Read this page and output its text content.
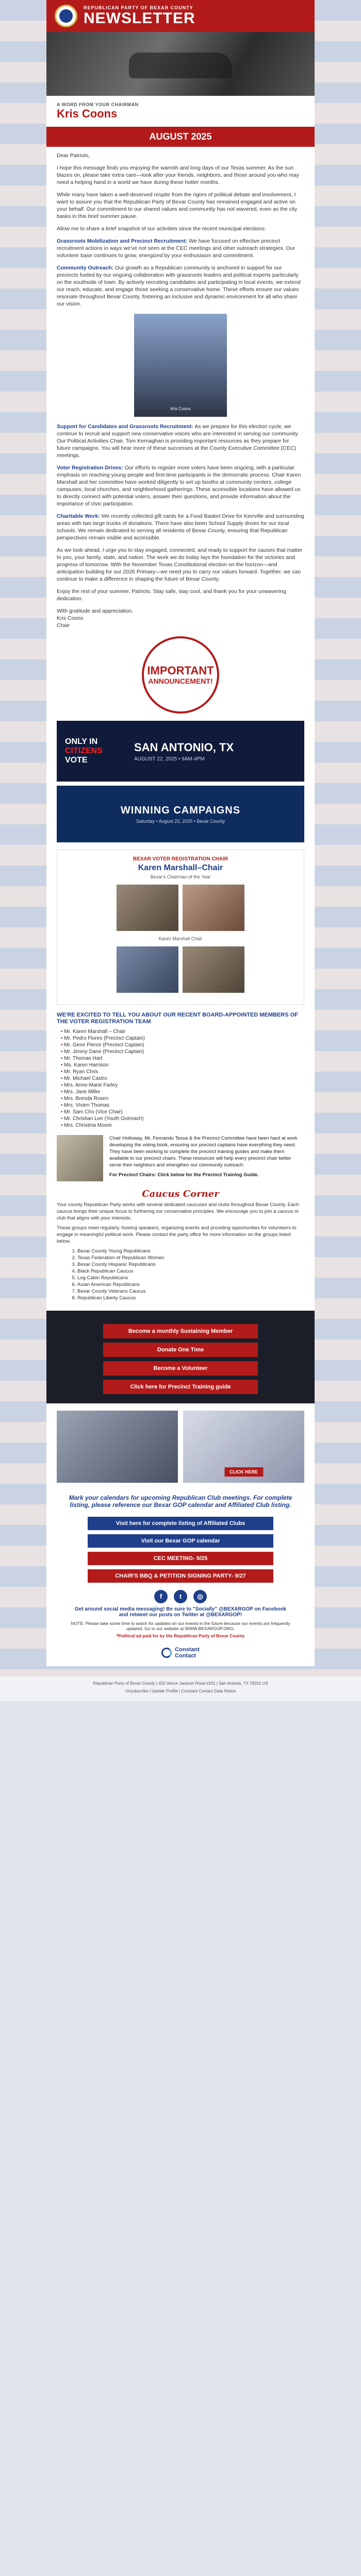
REPUBLICAN PARTY OF BEXAR COUNTY
NEWSLETTER
A WORD FROM YOUR CHAIRMAN
Kris Coons
AUGUST 2025

Dear Patriots,

I hope this message finds you enjoying the warmth and long days of our Texas summer. As the sun blazes on, please take extra care—look after your friends, neighbors, and those around you who may need a helping hand in a world we have during these hotter months.

While many have taken a well-deserved respite from the rigors of political debate and involvement, I want to assure you that the Republican Party of Bexar County has remained engaged and active on your behalf. Our commitment to our shared values and community has not wavered, even as the city basks in this brief summer pause.

Allow me to share a brief snapshot of our activities since the recent municipal elections:

Grassroots Mobilization and Precinct Recruitment: We have focused on effective precinct recruitment actions in ways we've not seen at the CEC meetings and other outreach strategies. Our volunteer base continues to grow, energized by your enthusiasm and commitment.

Community Outreach: Our growth as a Republican community is anchored in support for our precincts fueled by our ongoing collaboration with grassroots leaders and political experts particularly on the southside of town. By actively recruiting candidates and participating in local events, we extend our reach, educate, and engage those seeking a conservative home. These efforts ensure our values resonate throughout Bexar County, fostering an inclusive and dynamic environment for all who share our vision.

Kris Coons

Support for Candidates and Grassroots Recruitment: As we prepare for this election cycle, we continue to recruit and support new conservative voices who are interested in serving our community. Our Political Activities Chair, Tom Kernaghan is providing important resources as they prepare for future campaigns. You will hear more of these successes at the County Executive Committee (CEC) meetings.

Voter Registration Drives: Our efforts to register more voters have been ongoing, with a particular emphasis on reaching young people and first-time participants in the democratic process. Chair Karen Marshall and her committee have worked diligently to set up booths at community centers, college campuses, local churches, and neighborhood gatherings. These accessible locations have allowed us to directly connect with potential voters, answer their questions, and provide information about the importance of civic participation.

Charitable Work: We recently collected gift cards for a Food Basket Drive for Kerrville and surrounding areas with two large trucks of donations. There have also been School Supply drives for our local schools. We remain dedicated to serving all residents of Bexar County, ensuring that Republican perspectives remain visible and accessible.

As we look ahead, I urge you to stay engaged, connected, and ready to support the causes that matter to you, your family, state, and nation. The work we do today lays the foundation for the victories and progress of tomorrow. With the November Texas Constitutional election on the horizon—and anticipation building for our 2026 Primary—we need you to carry our values forward. Together, we can continue to make a difference in shaping the future of Bexar County.

Enjoy the rest of your summer, Patriots. Stay safe, stay cool, and thank you for your unwavering dedication.

With gratitude and appreciation,
Kris Coons
Chair
IMPORTANT
ANNOUNCEMENT!
ONLY IN
CITIZENS
VOTE
SAN ANTONIO, TX
AUGUST 22, 2025 • 9AM-4PM
WINNING CAMPAIGNS
Saturday • August 23, 2025 • Bexar County
BEXAR VOTER REGISTRATION CHAIR
Karen Marshall–Chair
Bexar's Chairman of the Year
Karen Marshall Chair
WE'RE EXCITED TO TELL YOU ABOUT OUR RECENT BOARD-APPOINTED MEMBERS OF THE VOTER REGISTRATION TEAM
• Mr. Karen Marshall – Chair
• Mr. Pedro Flores (Precinct Captain)
• Mr. Gene Pierce (Precinct Captain)
• Mr. Jimmy Dane (Precinct Captain)
• Mr. Thomas Hart
• Ms. Karen Harrison
• Mr. Ryan Chris
• Mr. Michael Castro
• Mrs. Anne-Marie Farley
• Mrs. Jane Miller
• Mrs. Brenda Rosen
• Mrs. Vivien Thomas
• Mr. Sam Cho (Vice Chair)
• Mr. Christian Lee (Youth Outreach)
• Mrs. Christina Moore

Chair Holloway, Mr. Fernando Tessa & the Precinct Committee have been hard at work developing the voting book, ensuring our precinct captains have everything they need. They have been working to complete the precinct training guides and make them available to our precinct chairs. These resources will help every precinct chair better serve their neighbors and strengthen our community outreach.

For Precinct Chairs: Click below for the Precinct Training Guide.

Caucus Corner

Your county Republican Party works with several dedicated caucuses and clubs throughout Bexar County. Each caucus brings their unique focus to furthering our conservative principles. We encourage you to join a caucus or club that aligns with your interests.

These groups meet regularly, hosting speakers, organizing events and providing opportunities for volunteers to engage in meaningful political work. Please contact the party office for more information on the groups listed below.

1. Bexar County Young Republicans
2. Texas Federation of Republican Women
3. Bexar County Hispanic Republicans
4. Black Republican Caucus
5. Log Cabin Republicans
6. Asian American Republicans
7. Bexar County Veterans Caucus
8. Republican Liberty Caucus
Become a monthly Sustaining Member
Donate One Time
Become a Volunteer
Click here for Precinct Training guide
CLICK HERE
Mark your calendars for upcoming Republican Club meetings. For complete listing, please reference our Bexar GOP calendar and Affiliated Club listing.
Visit here for complete listing of Affiliated Clubs
Visit our Bexar GOP calendar
CEC MEETING- 9/25
CHAIR'S BBQ & PETITION SIGNING PARTY- 9/27
f	t	◎
Get around social media messaging! Be sure to "Socially" @BEXARGOP on Facebook and retweet our posts on Twitter at @BEXARGOP!

NOTE: Please take some time to watch for updates on our events in the future because our events are frequently updated. Go to our website at WWW.BEXARGOP.ORG.

*Political ad paid for by the Republican Party of Bexar County

Constant
Contact
Republican Party of Bexar County | 415 Vance Jackson Road #101 | San Antonio, TX 78201 US
Unsubscribe | Update Profile | Constant Contact Data Notice
